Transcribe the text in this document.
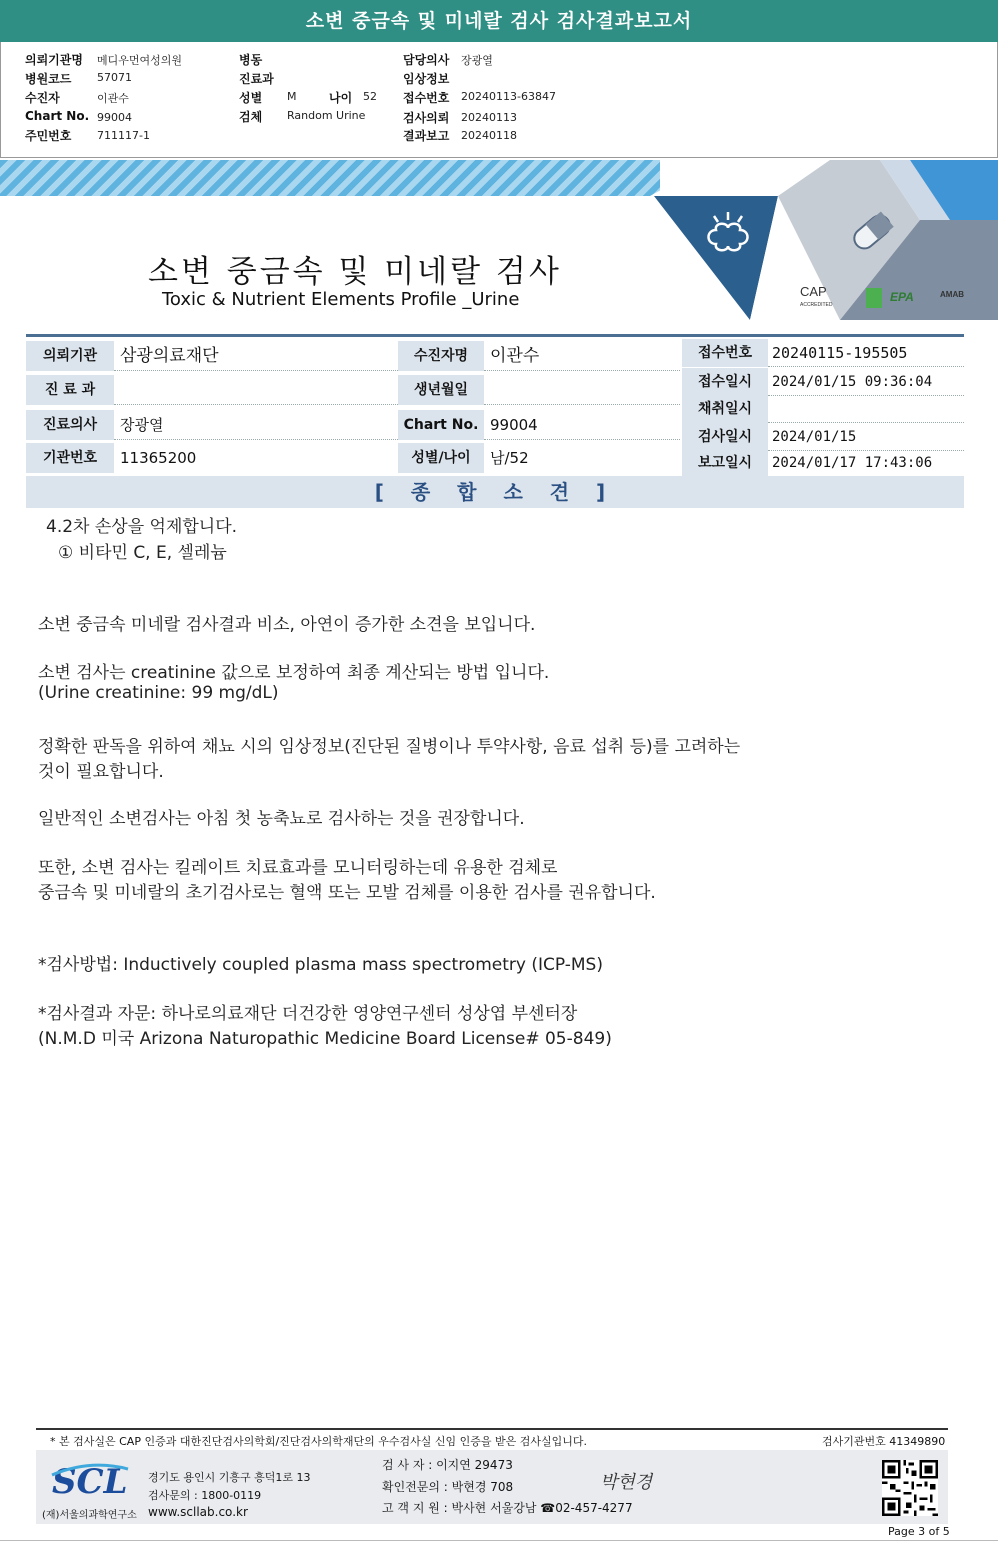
소변 중금속 및 미네랄 검사 검사결과보고서
의뢰기관명 메디우먼여성의원
병원코드 57071
수진자	이관수
Chart No. 99004
주민번호 711117-1
병동
진료과
성별 M	나이 52
검체 Random Urine
담당의사 장광열
임상정보
접수번호 20240113-63847
검사의뢰 20240113
결과보고 20240118
소변 중금속 및 미네랄 검사
Toxic & Nutrient Elements Profile _Urine	CAP
ACCREDITED
EPA	AMAB
의뢰기관	삼광의료재단
진 료 과
진료의사	장광열
기관번호	11365200
수진자명	이관수
생년월일
Chart No. 99004
성별/나이	남/52
접수번호	20240115-195505
접수일시	2024/01/15 09:36:04
채취일시
검사일시	2024/01/15
보고일시	2024/01/17 17:43:06
[ 종 합 소 견 ]

4.2차 손상을 억제합니다.

① 비타민 C, E, 셀레늄

소변 중금속 미네랄 검사결과 비소, 아연이 증가한 소견을 보입니다.

소변 검사는 creatinine 값으로 보정하여 최종 계산되는 방법 입니다.

(Urine creatinine: 99 mg/dL)

정확한 판독을 위하여 채뇨 시의 임상정보(진단된 질병이나 투약사항, 음료 섭취 등)를 고려하는

것이 필요합니다.

일반적인 소변검사는 아침 첫 농축뇨로 검사하는 것을 권장합니다.

또한, 소변 검사는 킬레이트 치료효과를 모니터링하는데 유용한 검체로

중금속 및 미네랄의 초기검사로는 혈액 또는 모발 검체를 이용한 검사를 권유합니다.

*검사방법: Inductively coupled plasma mass spectrometry (ICP-MS)

*검사결과 자문: 하나로의료재단 더건강한 영양연구센터 성상엽 부센터장

(N.M.D 미국 Arizona Naturopathic Medicine Board License# 05-849)

* 본 검사실은 CAP 인증과 대한진단검사의학회/진단검사의학재단의 우수검사실 신임 인증을 받은 검사실입니다.	검사기관번호 41349890
SCL
(재)서울의과학연구소
경기도 용인시 기흥구 흥덕1로 13
검사문의 : 1800-0119
www.scllab.co.kr
검 사 자 : 이지연 29473
확인전문의 : 박현경 708
고 객 지 원 : 박사현 서울강남 ☎02-457-4277
박현경
Page 3 of 5
